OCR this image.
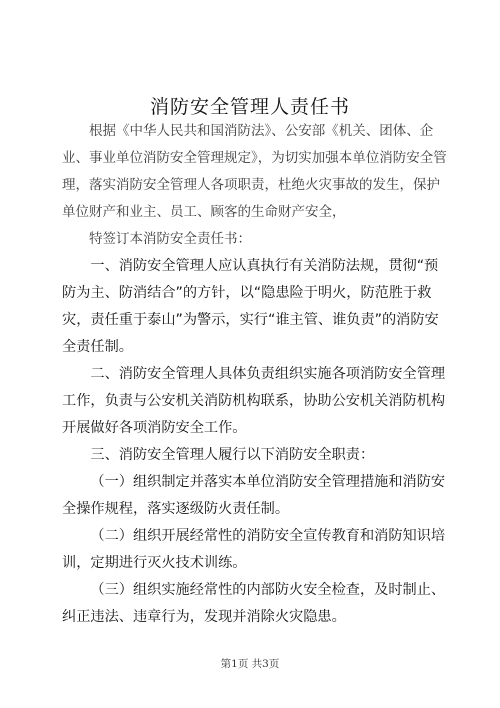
消防安全管理人责任书

根据《中华人民共和国消防法》、公安部《机关、团体、企业、事业单位消防安全管理规定》，为切实加强本单位消防安全管理，落实消防安全管理人各项职责，杜绝火灾事故的发生，保护单位财产和业主、员工、顾客的生命财产安全，

特签订本消防安全责任书：

一、消防安全管理人应认真执行有关消防法规，贯彻“预防为主、防消结合”的方针，以“隐患险于明火，防范胜于救灾，责任重于泰山”为警示，实行“谁主管、谁负责”的消防安全责任制。

二、消防安全管理人具体负责组织实施各项消防安全管理工作，负责与公安机关消防机构联系，协助公安机关消防机构开展做好各项消防安全工作。

三、消防安全管理人履行以下消防安全职责：

（一）组织制定并落实本单位消防安全管理措施和消防安全操作规程，落实逐级防火责任制。

（二）组织开展经常性的消防安全宣传教育和消防知识培训，定期进行灭火技术训练。

（三）组织实施经常性的内部防火安全检查，及时制止、纠正违法、违章行为，发现并消除火灾隐患。

第1页 共3页
